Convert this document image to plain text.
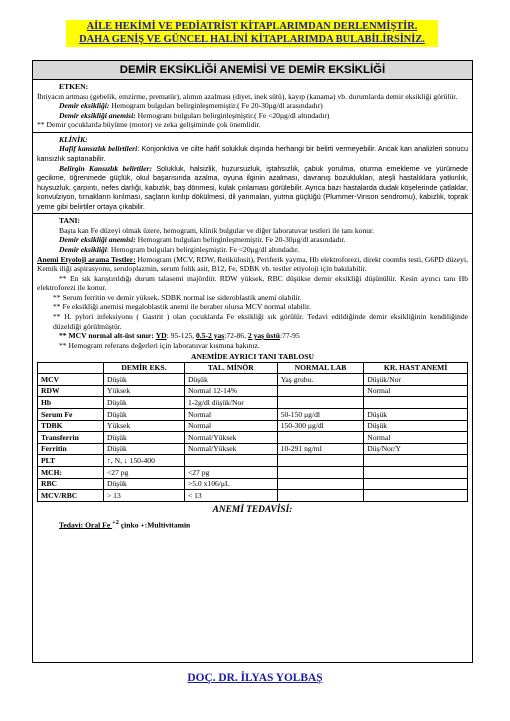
AİLE HEKİMİ VE PEDİATRİST KİTAPLARIMDAN DERLENMİŞTİR.
DAHA GENİŞ VE GÜNCEL HALİNİ KİTAPLARIMDA BULABİLİRSİNİZ.
DEMİR EKSİKLİĞİ ANEMİSİ VE DEMİR EKSİKLİĞİ

ETKEN:

İhtiyacın artması (gebelik, emzirme, prematür), alımın azalması (diyet, inek sütü), kayıp (kanama) vb. durumlarda demir eksikliği görülür.

Demir eksikliği: Hemogram bulguları belirginleşmemiştir.( Fe 20-30μg/dl arasındadır)

Demir eksikliği anemisi: Hemogram bulguları belirginleşmiştir.( Fe <20μg/dl altındadır)

** Demir çocuklarda büyüme (motor) ve zeka gelişiminde çok önemlidir.

KLİNİK:

Hafif kansızlık belirtileri: Konjonktiva ve cilte hafif solukluk dışında herhangi bir belirti vermeyebilir. Ancak kan analizleri sonucu kansızlık saptanabilir.

Belirgin Kansızlık belirtiler: Solukluk, halsizlik, huzursuzluk, iştahsızlık, çabuk yorulma, oturma emekleme ve yürümede gecikme, öğrenmede güçlük, okul başarısında azalma, oyuna ilginin azalması, davranış bozuklukları, ateşli hastalıklara yatkınlık, huysuzluk, çarpıntı, nefes darlığı, kabızlık, baş dönmesi, kulak çınlaması görülebilir. Ayrıca bazı hastalarda dudak köşelerinde çatlaklar, konvulziyon, tırnakların kırılması, saçların kırılıp dökülmesi, dil yanmaları, yutma güçlüğü (Plummer-Vinson sendromu), kabızlık, toprak yeme gibi belirtiler ortaya çıkabilir.

TANI:

Başta kan Fe düzeyi olmak üzere, hemogram, klinik bulgular ve diğer laboratuvar testleri ile tanı konur.

Demir eksikliği anemisi: Hemogram bulguları belirginleşmemiştir. Fe 20-30μg/dl arasındadır.

Demir eksikliği: Hemogram bulguları belirginleşmiştir. Fe <20μg/dl altındadır.

Anemi Etyoloji arama Testler: Hemogram (MCV, RDW, Retikülosit), Periferik yayma, Hb elektroforezi, direkt coombs testi, G6PD düzeyi, Kemik iliği aspirasyonu, seruloplazmin, serum folik asit, B12, Fe, SDBK vb. testler etiyoloji için bakılabilir.

** En sık karıştırıldığı durum talasemi majördür. RDW yüksek, RBC düşükse demir eksikliği düşünülür. Kesin ayırıcı tanı Hb elektroforezi ile konur.

** Serum ferritin ve demir yüksek, SDBK normal ise sideroblastik anemi olabilir.

** Fe eksikliği anemisi megaloblastik anemi ile beraber olursa MCV normal olabilir.

** H. pylori infeksiyonu ( Gastrit ) olan çocuklarda Fe eksikliği sık görülür. Tedavi edildiğinde demir eksikliğinin kendiliğinde düzeldiği görülmüştür.

** MCV normal alt-üst sınır: YD: 95-125, 0.5-2 yaş:72-86, 2 yaş üstü:77-95

** Hemogram referans değerleri için laboratuvar kısmına bakınız.

ANEMİDE AYRICI TANI TABLOSU				
	DEMİR EKS.	TAL. MİNÖR	NORMAL LAB	KR. HAST ANEMİ
MCV	Düşük	Düşük	Yaş grubu.	Düşük/Nor
RDW	Yüksek	Normal 12-14%		Normal
Hb	Düşük	1-2g/dl düşük/Nor		
Serum Fe	Düşük	Normal	50-150 μg/dl	Düşük
TDBK	Yüksek	Normal	150-300 μg/dl	Düşük
Transferrin	Düşük	Normal/Yüksek		Normal
Ferritin	Düşük	Normal/Yüksek	10-291 ng/ml	Düş/Nor/Y
PLT	↑, N, ↓ 150-400			
MCH:	<27 pg	<27 pg		
RBC	Düşük	>5.0 x106/μL		
MCV/RBC	> 13	< 13		
ANEMİ TEDAVİSİ:
Tedavi: Oral Fe $^{+2}$ çinko +:Multivitamin
DOÇ. DR. İLYAS YOLBAŞ
